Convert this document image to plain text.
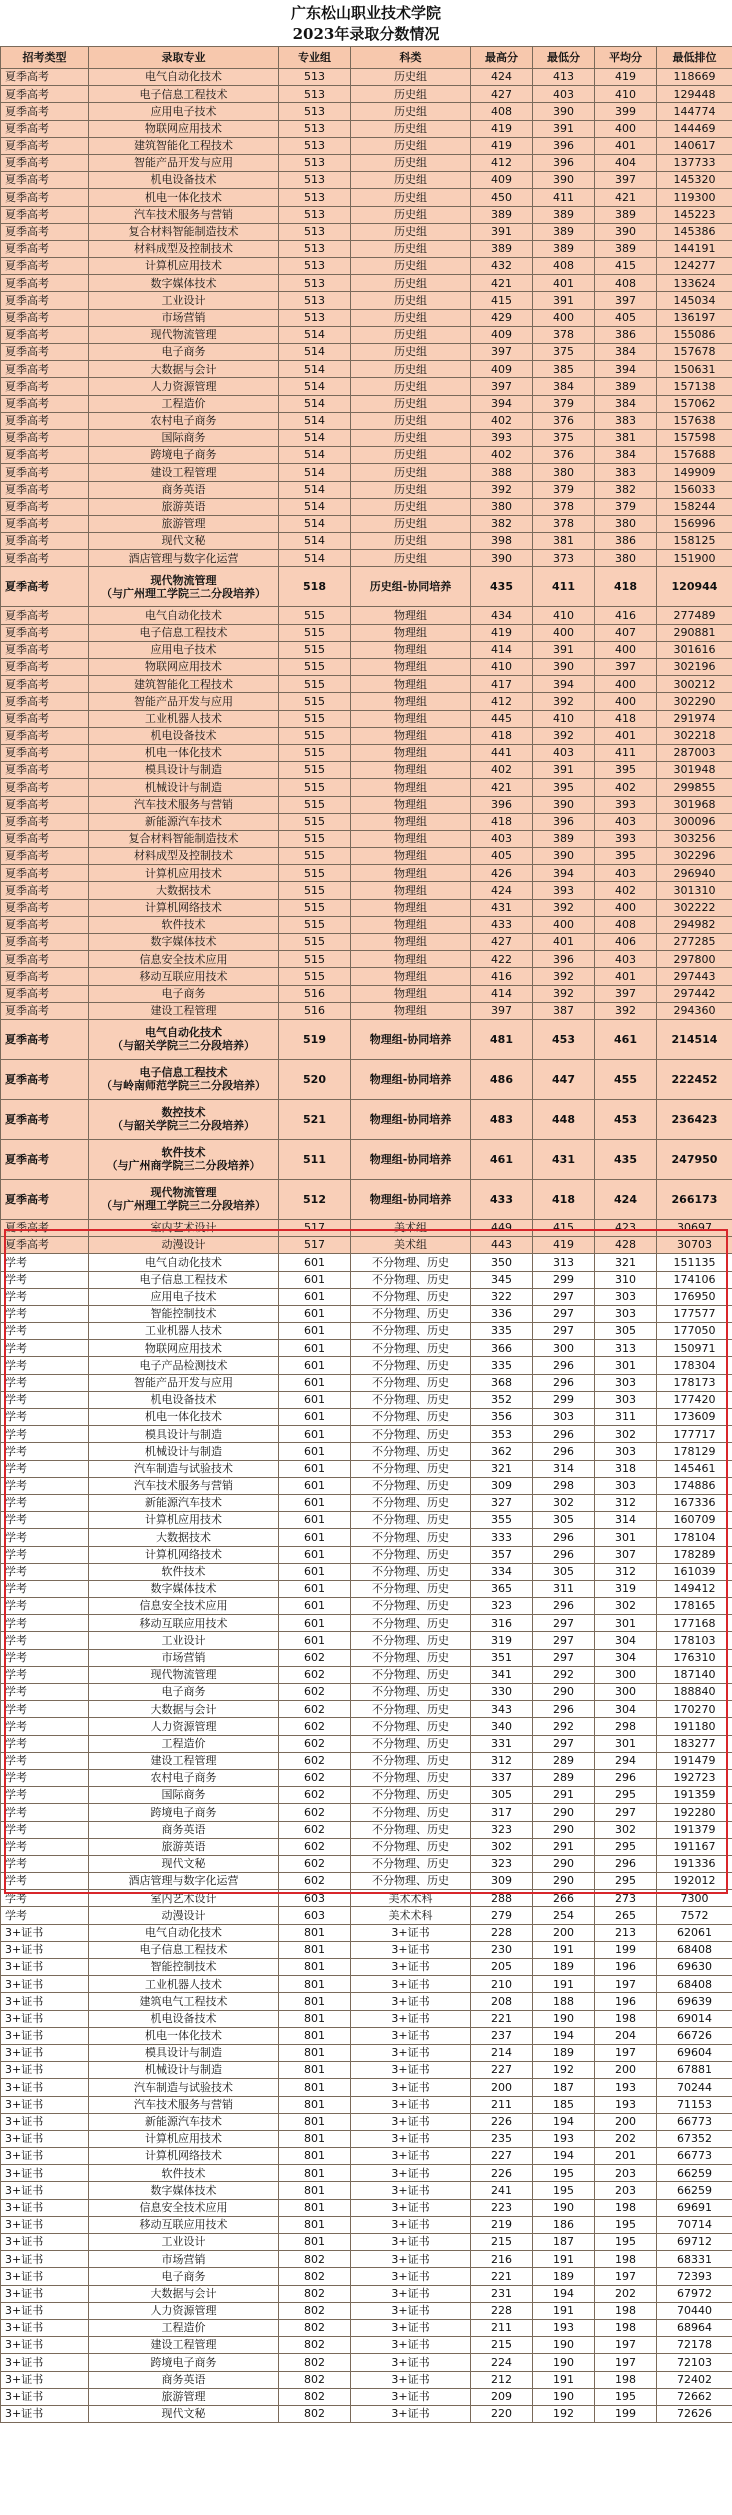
广东松山职业技术学院
2023年录取分数情况
招考类型	录取专业	专业组	科类	最高分	最低分	平均分	最低排位
夏季高考	电气自动化技术	513	历史组	424	413	419	118669
夏季高考	电子信息工程技术	513	历史组	427	403	410	129448
夏季高考	应用电子技术	513	历史组	408	390	399	144774
夏季高考	物联网应用技术	513	历史组	419	391	400	144469
夏季高考	建筑智能化工程技术	513	历史组	419	396	401	140617
夏季高考	智能产品开发与应用	513	历史组	412	396	404	137733
夏季高考	机电设备技术	513	历史组	409	390	397	145320
夏季高考	机电一体化技术	513	历史组	450	411	421	119300
夏季高考	汽车技术服务与营销	513	历史组	389	389	389	145223
夏季高考	复合材料智能制造技术	513	历史组	391	389	390	145386
夏季高考	材料成型及控制技术	513	历史组	389	389	389	144191
夏季高考	计算机应用技术	513	历史组	432	408	415	124277
夏季高考	数字媒体技术	513	历史组	421	401	408	133624
夏季高考	工业设计	513	历史组	415	391	397	145034
夏季高考	市场营销	513	历史组	429	400	405	136197
夏季高考	现代物流管理	514	历史组	409	378	386	155086
夏季高考	电子商务	514	历史组	397	375	384	157678
夏季高考	大数据与会计	514	历史组	409	385	394	150631
夏季高考	人力资源管理	514	历史组	397	384	389	157138
夏季高考	工程造价	514	历史组	394	379	384	157062
夏季高考	农村电子商务	514	历史组	402	376	383	157638
夏季高考	国际商务	514	历史组	393	375	381	157598
夏季高考	跨境电子商务	514	历史组	402	376	384	157688
夏季高考	建设工程管理	514	历史组	388	380	383	149909
夏季高考	商务英语	514	历史组	392	379	382	156033
夏季高考	旅游英语	514	历史组	380	378	379	158244
夏季高考	旅游管理	514	历史组	382	378	380	156996
夏季高考	现代文秘	514	历史组	398	381	386	158125
夏季高考	酒店管理与数字化运营	514	历史组	390	373	380	151900
夏季高考	现代物流管理
（与广州理工学院三二分段培养）	518	历史组-协同培养	435	411	418	120944
夏季高考	电气自动化技术	515	物理组	434	410	416	277489
夏季高考	电子信息工程技术	515	物理组	419	400	407	290881
夏季高考	应用电子技术	515	物理组	414	391	400	301616
夏季高考	物联网应用技术	515	物理组	410	390	397	302196
夏季高考	建筑智能化工程技术	515	物理组	417	394	400	300212
夏季高考	智能产品开发与应用	515	物理组	412	392	400	302290
夏季高考	工业机器人技术	515	物理组	445	410	418	291974
夏季高考	机电设备技术	515	物理组	418	392	401	302218
夏季高考	机电一体化技术	515	物理组	441	403	411	287003
夏季高考	模具设计与制造	515	物理组	402	391	395	301948
夏季高考	机械设计与制造	515	物理组	421	395	402	299855
夏季高考	汽车技术服务与营销	515	物理组	396	390	393	301968
夏季高考	新能源汽车技术	515	物理组	418	396	403	300096
夏季高考	复合材料智能制造技术	515	物理组	403	389	393	303256
夏季高考	材料成型及控制技术	515	物理组	405	390	395	302296
夏季高考	计算机应用技术	515	物理组	426	394	403	296940
夏季高考	大数据技术	515	物理组	424	393	402	301310
夏季高考	计算机网络技术	515	物理组	431	392	400	302222
夏季高考	软件技术	515	物理组	433	400	408	294982
夏季高考	数字媒体技术	515	物理组	427	401	406	277285
夏季高考	信息安全技术应用	515	物理组	422	396	403	297800
夏季高考	移动互联应用技术	515	物理组	416	392	401	297443
夏季高考	电子商务	516	物理组	414	392	397	297442
夏季高考	建设工程管理	516	物理组	397	387	392	294360
夏季高考	电气自动化技术
（与韶关学院三二分段培养）	519	物理组-协同培养	481	453	461	214514
夏季高考	电子信息工程技术
（与岭南师范学院三二分段培养）	520	物理组-协同培养	486	447	455	222452
夏季高考	数控技术
（与韶关学院三二分段培养）	521	物理组-协同培养	483	448	453	236423
夏季高考	软件技术
（与广州商学院三二分段培养）	511	物理组-协同培养	461	431	435	247950
夏季高考	现代物流管理
（与广州理工学院三二分段培养）	512	物理组-协同培养	433	418	424	266173
夏季高考	室内艺术设计	517	美术组	449	415	423	30697
夏季高考	动漫设计	517	美术组	443	419	428	30703
学考	电气自动化技术	601	不分物理、历史	350	313	321	151135
学考	电子信息工程技术	601	不分物理、历史	345	299	310	174106
学考	应用电子技术	601	不分物理、历史	322	297	303	176950
学考	智能控制技术	601	不分物理、历史	336	297	303	177577
学考	工业机器人技术	601	不分物理、历史	335	297	305	177050
学考	物联网应用技术	601	不分物理、历史	366	300	313	150971
学考	电子产品检测技术	601	不分物理、历史	335	296	301	178304
学考	智能产品开发与应用	601	不分物理、历史	368	296	303	178173
学考	机电设备技术	601	不分物理、历史	352	299	303	177420
学考	机电一体化技术	601	不分物理、历史	356	303	311	173609
学考	模具设计与制造	601	不分物理、历史	353	296	302	177717
学考	机械设计与制造	601	不分物理、历史	362	296	303	178129
学考	汽车制造与试验技术	601	不分物理、历史	321	314	318	145461
学考	汽车技术服务与营销	601	不分物理、历史	309	298	303	174886
学考	新能源汽车技术	601	不分物理、历史	327	302	312	167336
学考	计算机应用技术	601	不分物理、历史	355	305	314	160709
学考	大数据技术	601	不分物理、历史	333	296	301	178104
学考	计算机网络技术	601	不分物理、历史	357	296	307	178289
学考	软件技术	601	不分物理、历史	334	305	312	161039
学考	数字媒体技术	601	不分物理、历史	365	311	319	149412
学考	信息安全技术应用	601	不分物理、历史	323	296	302	178165
学考	移动互联应用技术	601	不分物理、历史	316	297	301	177168
学考	工业设计	601	不分物理、历史	319	297	304	178103
学考	市场营销	602	不分物理、历史	351	297	304	176310
学考	现代物流管理	602	不分物理、历史	341	292	300	187140
学考	电子商务	602	不分物理、历史	330	290	300	188840
学考	大数据与会计	602	不分物理、历史	343	296	304	170270
学考	人力资源管理	602	不分物理、历史	340	292	298	191180
学考	工程造价	602	不分物理、历史	331	297	301	183277
学考	建设工程管理	602	不分物理、历史	312	289	294	191479
学考	农村电子商务	602	不分物理、历史	337	289	296	192723
学考	国际商务	602	不分物理、历史	305	291	295	191359
学考	跨境电子商务	602	不分物理、历史	317	290	297	192280
学考	商务英语	602	不分物理、历史	323	290	302	191379
学考	旅游英语	602	不分物理、历史	302	291	295	191167
学考	现代文秘	602	不分物理、历史	323	290	296	191336
学考	酒店管理与数字化运营	602	不分物理、历史	309	290	295	192012
学考	室内艺术设计	603	美术术科	288	266	273	7300
学考	动漫设计	603	美术术科	279	254	265	7572
3+证书	电气自动化技术	801	3+证书	228	200	213	62061
3+证书	电子信息工程技术	801	3+证书	230	191	199	68408
3+证书	智能控制技术	801	3+证书	205	189	196	69630
3+证书	工业机器人技术	801	3+证书	210	191	197	68408
3+证书	建筑电气工程技术	801	3+证书	208	188	196	69639
3+证书	机电设备技术	801	3+证书	221	190	198	69014
3+证书	机电一体化技术	801	3+证书	237	194	204	66726
3+证书	模具设计与制造	801	3+证书	214	189	197	69604
3+证书	机械设计与制造	801	3+证书	227	192	200	67881
3+证书	汽车制造与试验技术	801	3+证书	200	187	193	70244
3+证书	汽车技术服务与营销	801	3+证书	211	185	193	71153
3+证书	新能源汽车技术	801	3+证书	226	194	200	66773
3+证书	计算机应用技术	801	3+证书	235	193	202	67352
3+证书	计算机网络技术	801	3+证书	227	194	201	66773
3+证书	软件技术	801	3+证书	226	195	203	66259
3+证书	数字媒体技术	801	3+证书	241	195	203	66259
3+证书	信息安全技术应用	801	3+证书	223	190	198	69691
3+证书	移动互联应用技术	801	3+证书	219	186	195	70714
3+证书	工业设计	801	3+证书	215	187	195	69712
3+证书	市场营销	802	3+证书	216	191	198	68331
3+证书	电子商务	802	3+证书	221	189	197	72393
3+证书	大数据与会计	802	3+证书	231	194	202	67972
3+证书	人力资源管理	802	3+证书	228	191	198	70440
3+证书	工程造价	802	3+证书	211	193	198	68964
3+证书	建设工程管理	802	3+证书	215	190	197	72178
3+证书	跨境电子商务	802	3+证书	224	190	197	72103
3+证书	商务英语	802	3+证书	212	191	198	72402
3+证书	旅游管理	802	3+证书	209	190	195	72662
3+证书	现代文秘	802	3+证书	220	192	199	72626
